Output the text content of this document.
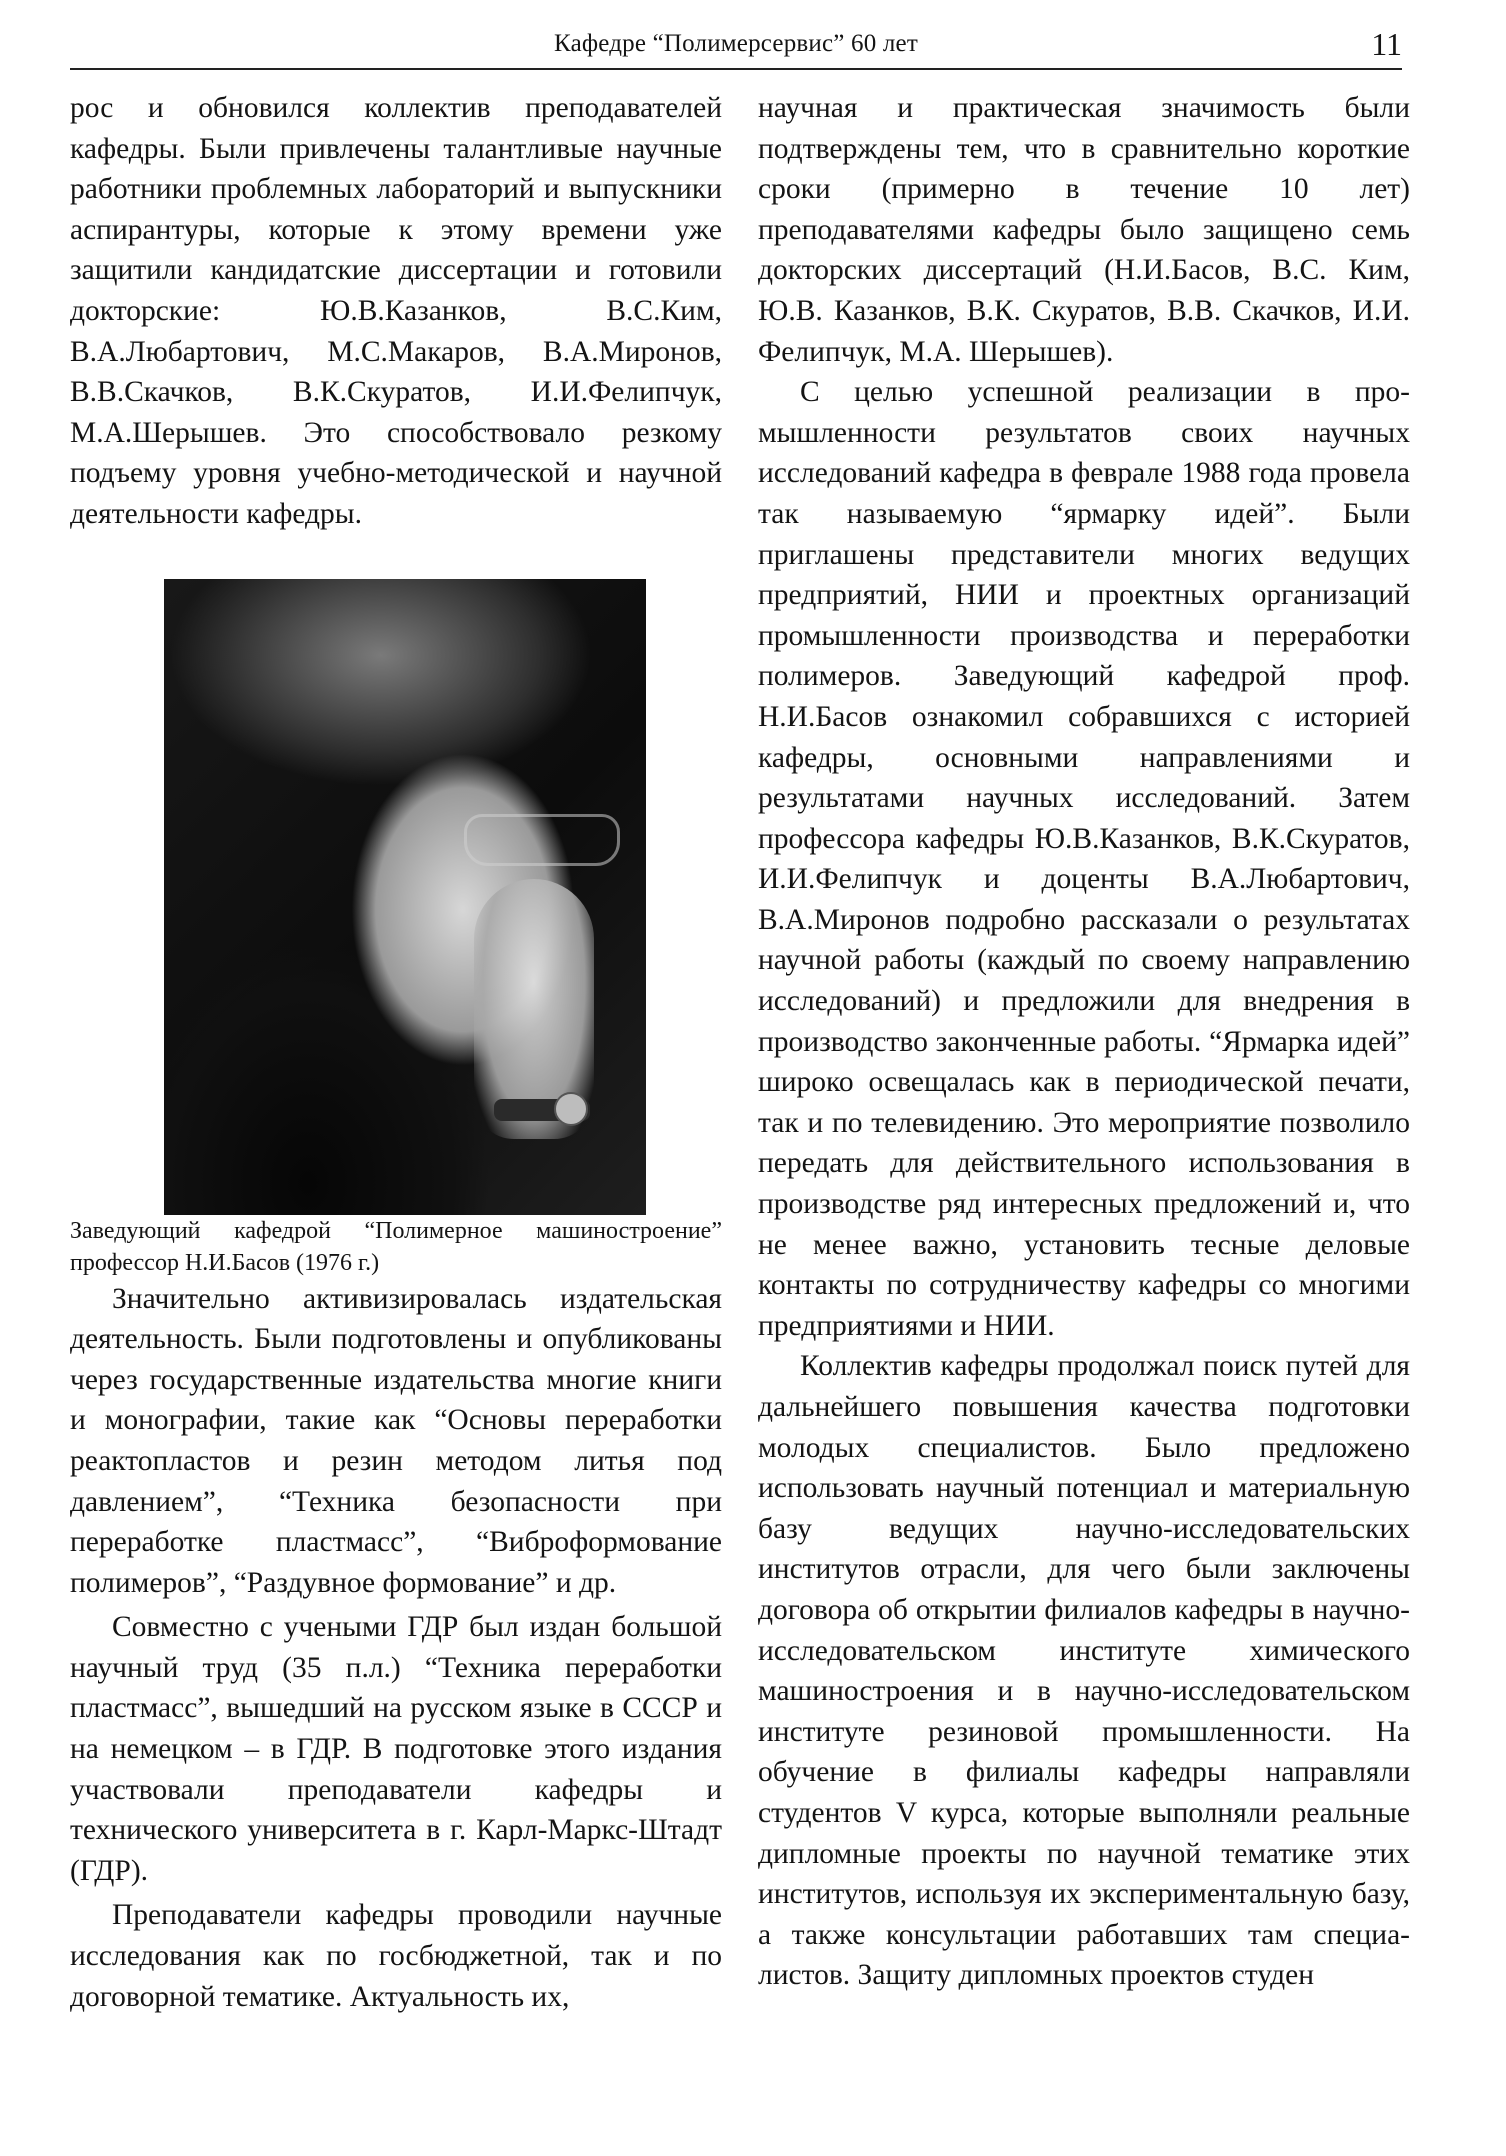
Кафедре “Полимерсервис” 60 лет	11

рос и обновился коллектив преподавателей кафедры. Были привлечены талантливые научные работники проблемных лабораторий и выпускники аспирантуры, которые к этому времени уже защитили кандидатские диссертации и готовили докторские: Ю.В.Казанков, В.С.Ким, В.А.Любартович, М.С.Макаров, В.А.Миронов, В.В.Скачков, В.К.Скуратов, И.И.Фелипчук, М.А.Шерышев. Это способствовало резкому подъему уровня учебно-методической и научной деятельности кафедры.

Заведующий кафедрой “Полимерное машиностроение” профессор Н.И.Басов (1976 г.)

Значительно активизировалась издательская деятельность. Были подготовлены и опубликованы через государственные издательства многие книги и монографии, такие как “Основы переработки реактопластов и резин методом литья под давлением”, “Техника безопасности при переработке пластмасс”, “Виброформование полимеров”, “Раздувное формование” и др.

Совместно с учеными ГДР был издан большой научный труд (35 п.л.) “Техника переработки пластмасс”, вышедший на русском языке в СССР и на немецком – в ГДР. В подготовке этого издания участвовали преподаватели кафедры и технического университета в г. Карл-Маркс-Штадт (ГДР).

Преподаватели кафедры проводили научные исследования как по госбюджетной, так и по договорной тематике. Актуальность их,

научная и практическая значимость были подтверждены тем, что в сравнительно короткие сроки (примерно в течение 10 лет) преподавателями кафедры было защищено семь докторских диссертаций (Н.И.Басов, В.С. Ким, Ю.В. Казанков, В.К. Скуратов, В.В. Скачков, И.И. Фелипчук, М.А. Шерышев).

С целью успешной реализации в промышленности результатов своих научных исследований кафедра в феврале 1988 года провела так называемую “ярмарку идей”. Были приглашены представители многих ведущих предприятий, НИИ и проектных организаций промышленности производства и переработки полимеров. Заведующий кафедрой проф. Н.И.Басов ознакомил собравшихся с историей кафедры, основными направлениями и результатами научных исследований. Затем профессора кафедры Ю.В.Казанков, В.К.Скуратов, И.И.Фелипчук и доценты В.А.Любартович, В.А.Миронов подробно рассказали о результатах научной работы (каждый по своему направлению исследований) и предложили для внедрения в производство законченные работы. “Ярмарка идей” широко освещалась как в периодической печати, так и по телевидению. Это мероприятие позволило передать для действительного использования в производстве ряд интересных предложений и, что не менее важно, установить тесные деловые контакты по сотрудничеству кафедры со многими предприятиями и НИИ.

Коллектив кафедры продолжал поиск путей для дальнейшего повышения качества подготовки молодых специалистов. Было предложено использовать научный потенциал и материальную базу ведущих научно-исследовательских институтов отрасли, для чего были заключены договора об открытии филиалов кафедры в научно-исследовательском институте химического машиностроения и в научно-исследовательском институте резиновой промышленности. На обучение в филиалы кафедры направляли студентов V курса, которые выполняли реальные дипломные проекты по научной тематике этих институтов, используя их экспериментальную базу, а также консультации работавших там специалистов. Защиту дипломных проектов студен
